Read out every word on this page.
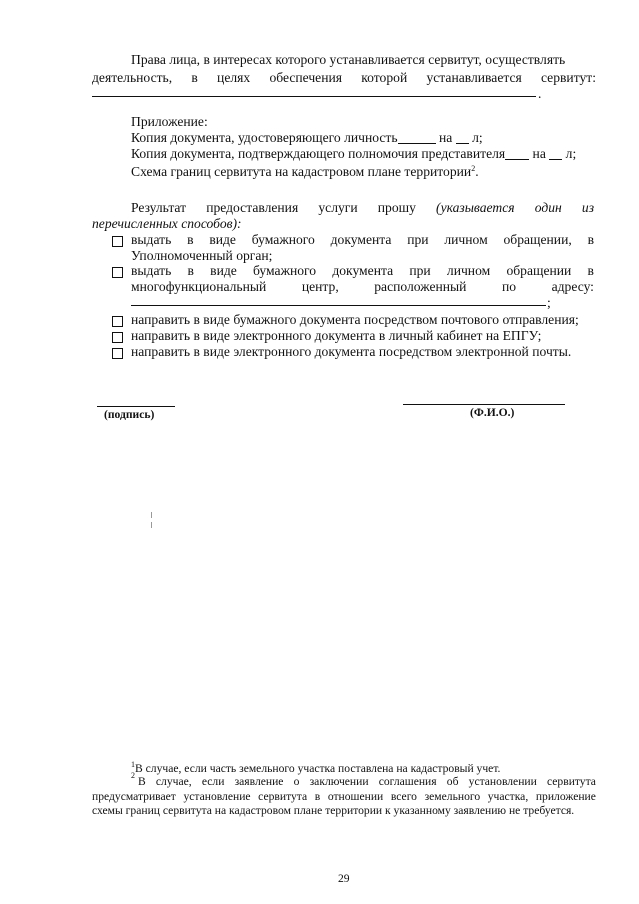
Права лица, в интересах которого устанавливается сервитут, осуществлять
деятельность, в целях обеспечения которой устанавливается сервитут:
.
Приложение:
Копия документа, удостоверяющего личность	на л;
Копия документа, подтверждающего полномочия представителя на л;
Схема границ сервитута на кадастровом плане территории$^2$.
Результат предоставления услуги прошу (указывается один из
перечисленных способов):
выдать в виде бумажного документа при личном обращении, в
Уполномоченный орган;
выдать в виде бумажного документа при личном обращении в
многофункциональный	центр,	расположенный	по	адресу:
;
направить в виде бумажного документа посредством почтового отправления;
направить в виде электронного документа в личный кабинет на ЕПГУ;
направить в виде электронного документа посредством электронной почты.
(подпись)	(Ф.И.О.)
$^1$В случае, если часть земельного участка поставлена на кадастровый учет.
2 В случае, если заявление о заключении соглашения об установлении сервитута
предусматривает установление сервитута в отношении всего земельного участка, приложение
схемы границ сервитута на кадастровом плане территории к указанному заявлению не требуется.
29
